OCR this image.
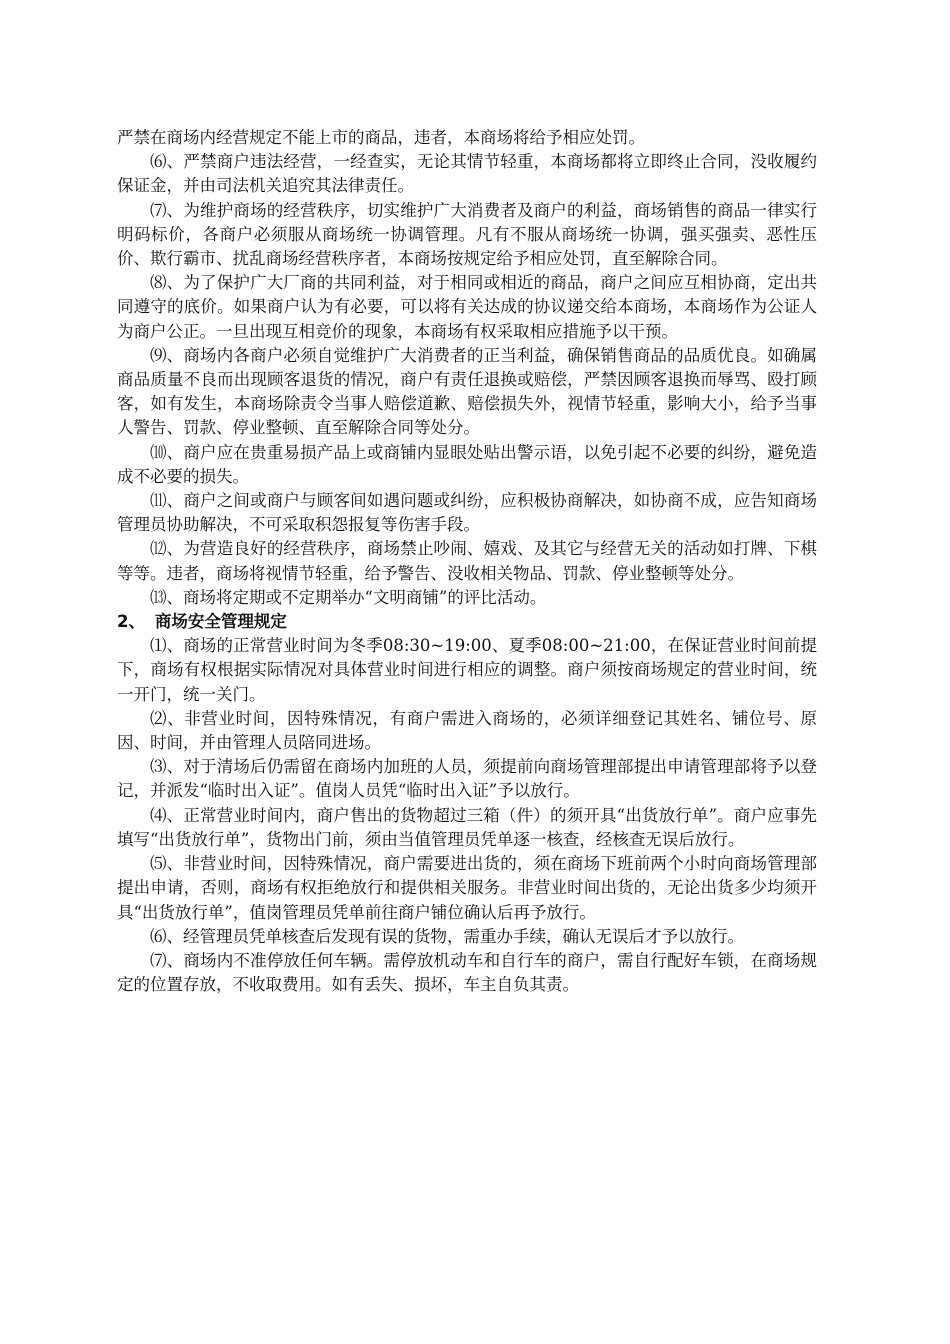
严禁在商场内经营规定不能上市的商品，违者，本商场将给予相应处罚。

⑹、严禁商户违法经营，一经查实，无论其情节轻重，本商场都将立即终止合同，没收履约保证金，并由司法机关追究其法律责任。

⑺、为维护商场的经营秩序，切实维护广大消费者及商户的利益，商场销售的商品一律实行明码标价，各商户必须服从商场统一协调管理。凡有不服从商场统一协调，强买强卖、恶性压价、欺行霸市、扰乱商场经营秩序者，本商场按规定给予相应处罚，直至解除合同。

⑻、为了保护广大厂商的共同利益，对于相同或相近的商品，商户之间应互相协商，定出共同遵守的底价。如果商户认为有必要，可以将有关达成的协议递交给本商场，本商场作为公证人为商户公正。一旦出现互相竞价的现象，本商场有权采取相应措施予以干预。

⑼、商场内各商户必须自觉维护广大消费者的正当利益，确保销售商品的品质优良。如确属商品质量不良而出现顾客退货的情况，商户有责任退换或赔偿，严禁因顾客退换而辱骂、殴打顾客，如有发生，本商场除责令当事人赔偿道歉、赔偿损失外，视情节轻重，影响大小，给予当事人警告、罚款、停业整顿、直至解除合同等处分。

⑽、商户应在贵重易损产品上或商铺内显眼处贴出警示语，以免引起不必要的纠纷，避免造成不必要的损失。

⑾、商户之间或商户与顾客间如遇问题或纠纷，应积极协商解决，如协商不成，应告知商场管理员协助解决，不可采取积怨报复等伤害手段。

⑿、为营造良好的经营秩序，商场禁止吵闹、嬉戏、及其它与经营无关的活动如打牌、下棋等等。违者，商场将视情节轻重，给予警告、没收相关物品、罚款、停业整顿等处分。

⒀、商场将定期或不定期举办“文明商铺”的评比活动。

2、 商场安全管理规定

⑴、商场的正常营业时间为冬季08:30~19:00、夏季08:00~21:00，在保证营业时间前提下，商场有权根据实际情况对具体营业时间进行相应的调整。商户须按商场规定的营业时间，统一开门，统一关门。

⑵、非营业时间，因特殊情况，有商户需进入商场的，必须详细登记其姓名、铺位号、原因、时间，并由管理人员陪同进场。

⑶、对于清场后仍需留在商场内加班的人员，须提前向商场管理部提出申请管理部将予以登记，并派发“临时出入证”。值岗人员凭“临时出入证”予以放行。

⑷、正常营业时间内，商户售出的货物超过三箱（件）的须开具“出货放行单”。商户应事先填写“出货放行单”，货物出门前，须由当值管理员凭单逐一核查，经核查无误后放行。

⑸、非营业时间，因特殊情况，商户需要进出货的，须在商场下班前两个小时向商场管理部提出申请，否则，商场有权拒绝放行和提供相关服务。非营业时间出货的，无论出货多少均须开具“出货放行单”，值岗管理员凭单前往商户铺位确认后再予放行。

⑹、经管理员凭单核查后发现有误的货物，需重办手续，确认无误后才予以放行。

⑺、商场内不准停放任何车辆。需停放机动车和自行车的商户，需自行配好车锁，在商场规定的位置存放，不收取费用。如有丢失、损坏，车主自负其责。
